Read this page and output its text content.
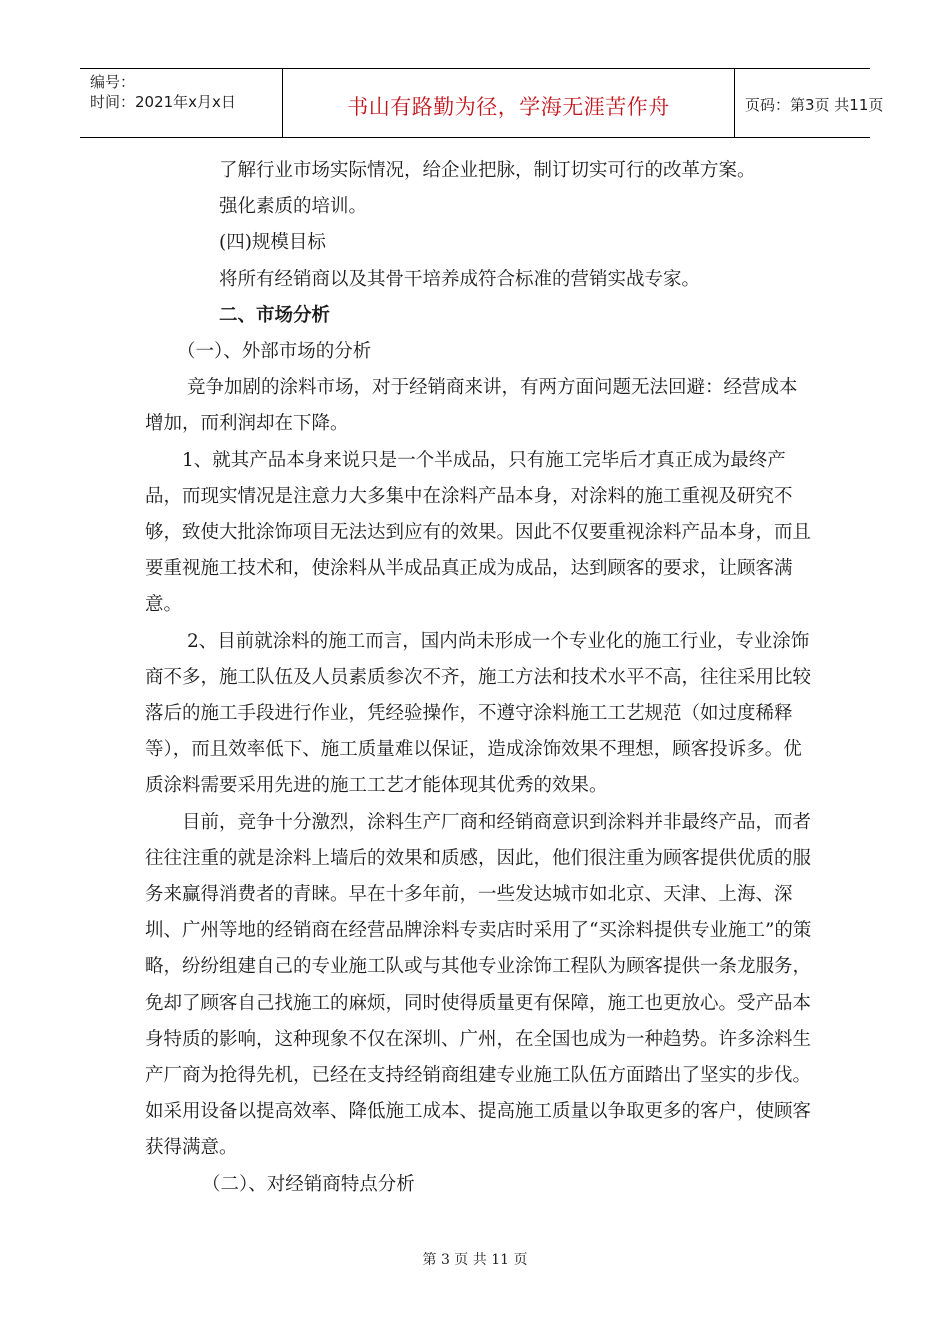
编号：
时间：2021年x月x日	书山有路勤为径，学海无涯苦作舟	页码：第3页 共11页

了解行业市场实际情况，给企业把脉，制订切实可行的改革方案。

强化素质的培训。

(四)规模目标

将所有经销商以及其骨干培养成符合标准的营销实战专家。

二、市场分析

（一）、外部市场的分析

竞争加剧的涂料市场，对于经销商来讲，有两方面问题无法回避：经营成本增加，而利润却在下降。

1、就其产品本身来说只是一个半成品，只有施工完毕后才真正成为最终产品，而现实情况是注意力大多集中在涂料产品本身，对涂料的施工重视及研究不够，致使大批涂饰项目无法达到应有的效果。因此不仅要重视涂料产品本身，而且要重视施工技术和，使涂料从半成品真正成为成品，达到顾客的要求，让顾客满意。

2、目前就涂料的施工而言，国内尚未形成一个专业化的施工行业，专业涂饰商不多，施工队伍及人员素质参次不齐，施工方法和技术水平不高，往往采用比较落后的施工手段进行作业，凭经验操作，不遵守涂料施工工艺规范（如过度稀释等），而且效率低下、施工质量难以保证，造成涂饰效果不理想，顾客投诉多。优质涂料需要采用先进的施工工艺才能体现其优秀的效果。

目前，竞争十分激烈，涂料生产厂商和经销商意识到涂料并非最终产品，而者往往注重的就是涂料上墙后的效果和质感，因此，他们很注重为顾客提供优质的服务来赢得消费者的青睐。早在十多年前，一些发达城市如北京、天津、上海、深圳、广州等地的经销商在经营品牌涂料专卖店时采用了“买涂料提供专业施工”的策略，纷纷组建自己的专业施工队或与其他专业涂饰工程队为顾客提供一条龙服务，免却了顾客自己找施工的麻烦，同时使得质量更有保障，施工也更放心。受产品本身特质的影响，这种现象不仅在深圳、广州，在全国也成为一种趋势。许多涂料生产厂商为抢得先机，已经在支持经销商组建专业施工队伍方面踏出了坚实的步伐。如采用设备以提高效率、降低施工成本、提高施工质量以争取更多的客户，使顾客获得满意。

（二）、对经销商特点分析

第 3 页 共 11 页
